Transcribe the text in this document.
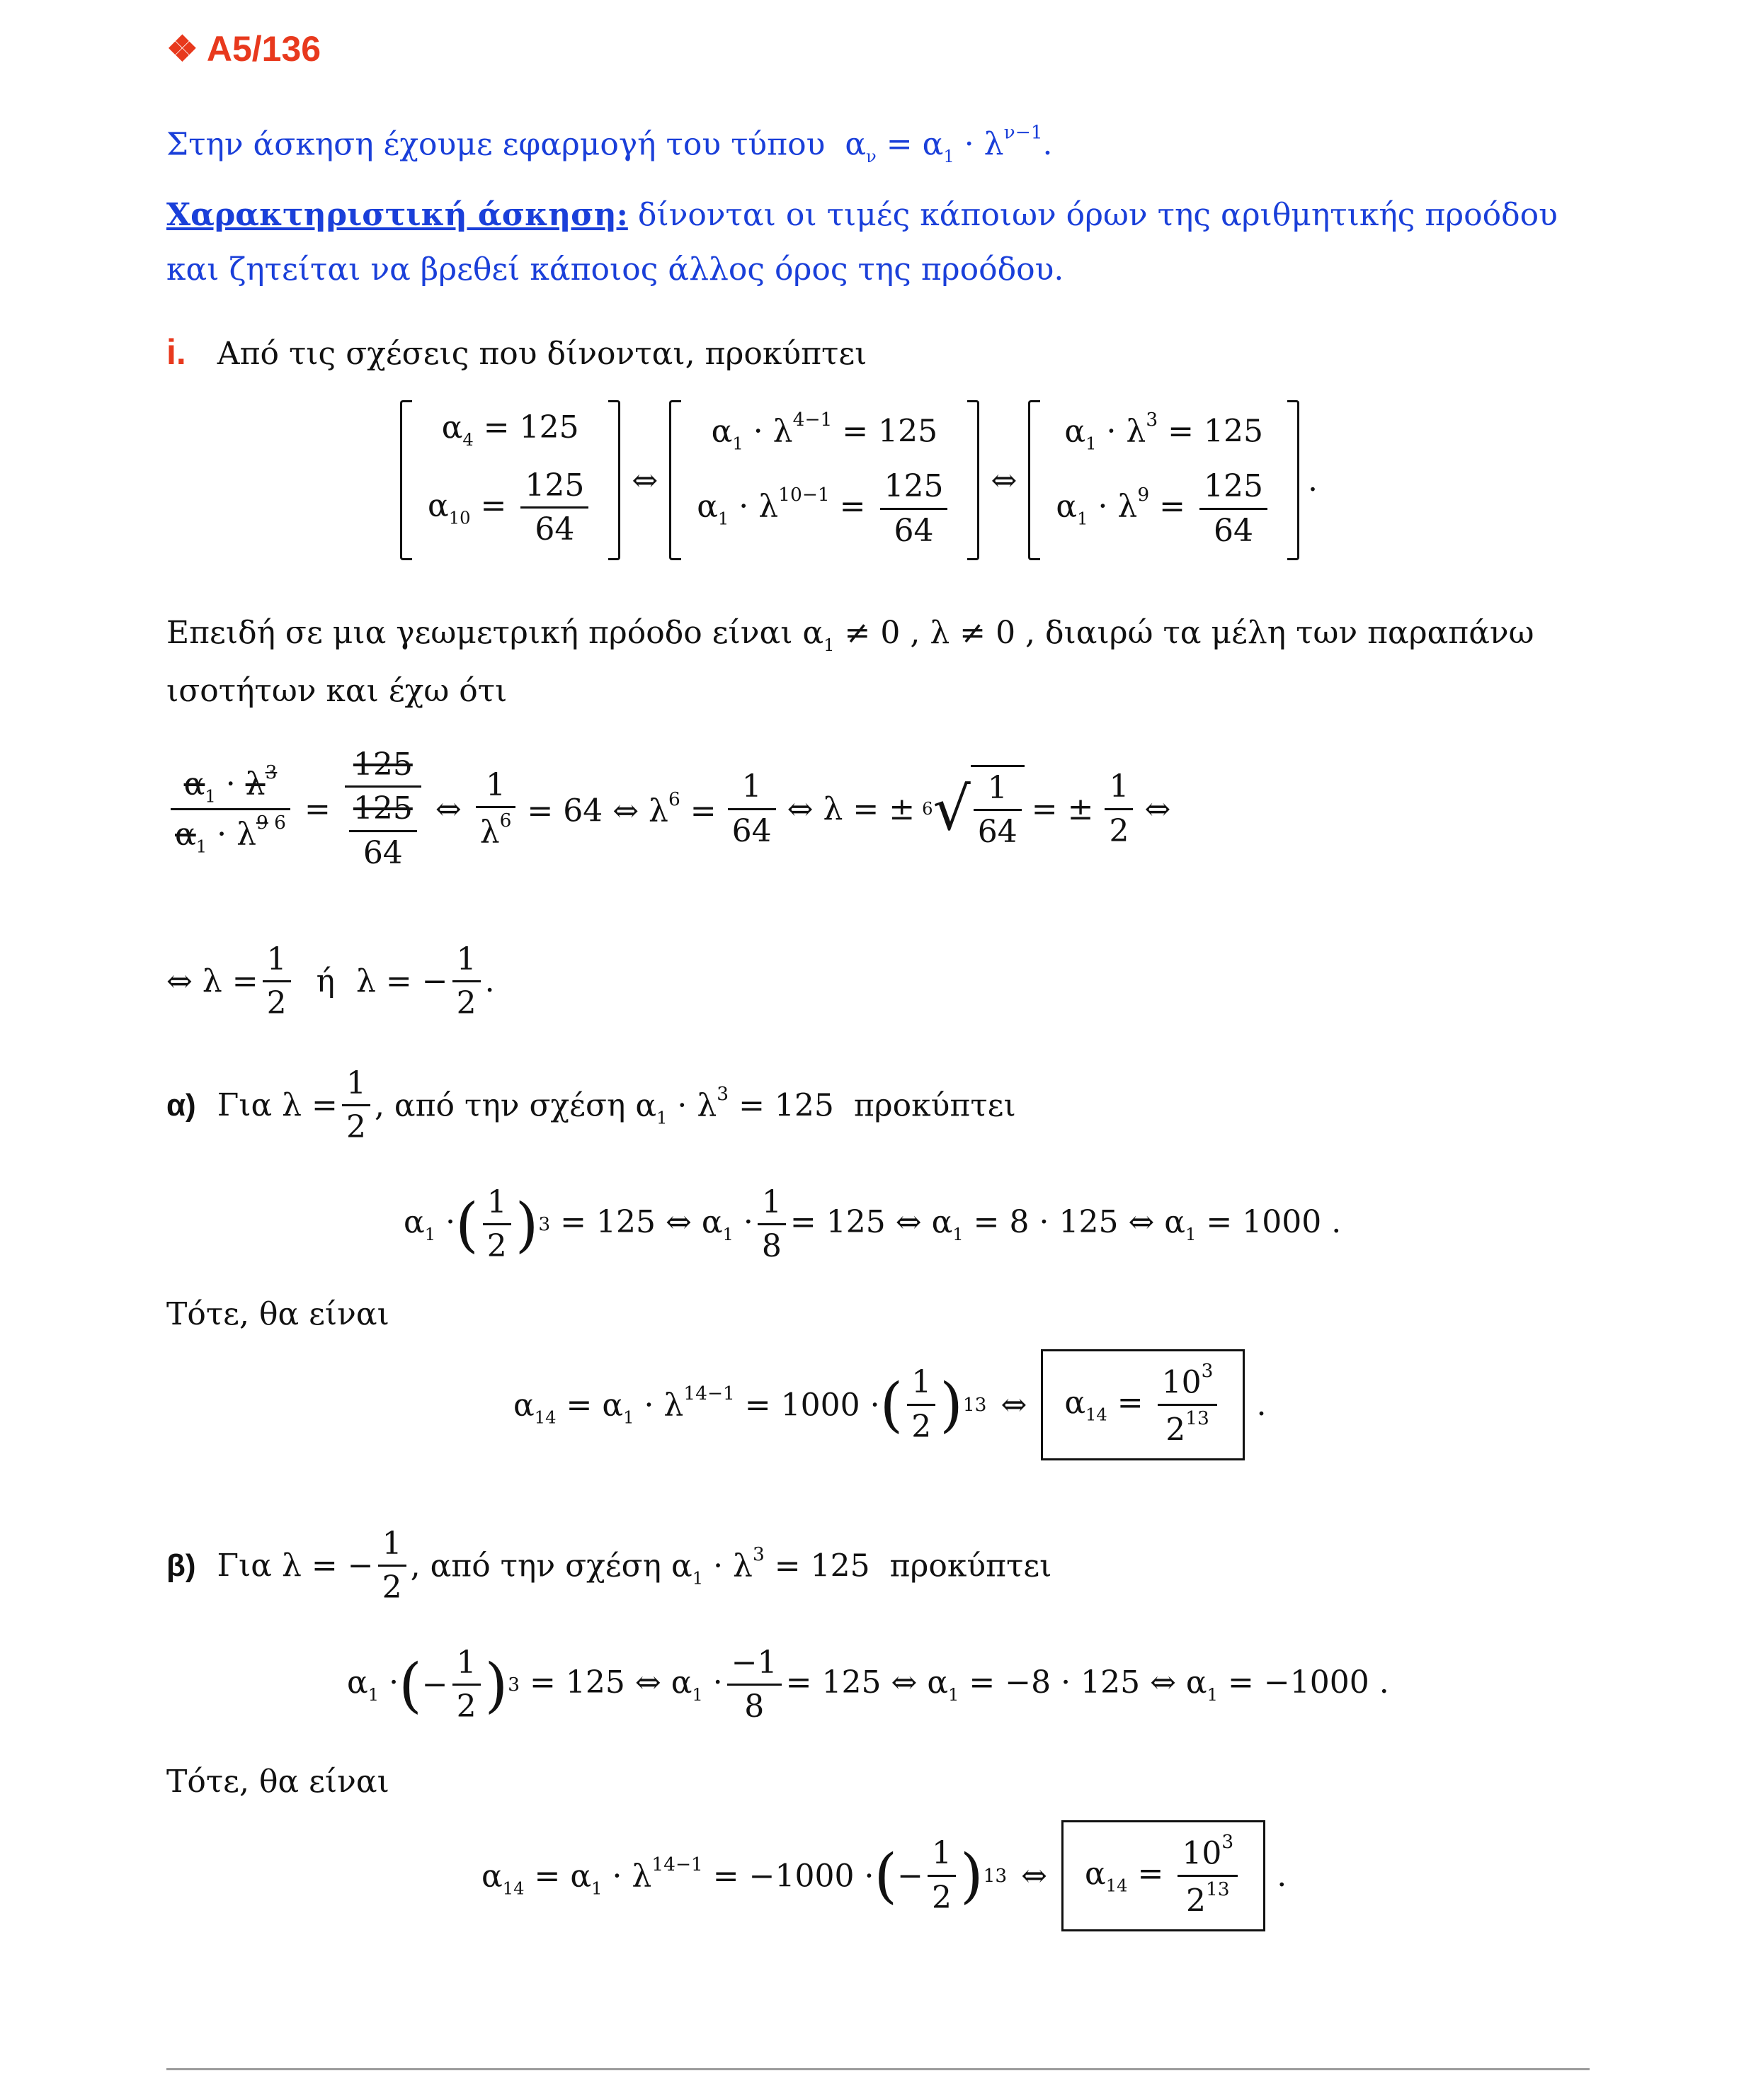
❖ A5/136
Στην άσκηση έχουμε εφαρμογή του τύπου  $\alpha_\nu = \alpha_1 \cdot \lambda^{\nu-1}$.
Χαρακτηριστική άσκηση: δίνονται οι τιμές κάποιων όρων της αριθμητικής προόδου
και ζητείται να βρεθεί κάποιος άλλος όρος της προόδου.
i. Από τις σχέσεις που δίνονται, προκύπτει
$\alpha_4 = 125$
$\alpha_{10} = \frac{125}{64}$ ⇔
$\alpha_1 \cdot \lambda^{4-1} = 125$
$\alpha_1 \cdot \lambda^{10-1} = \frac{125}{64}$ ⇔
$\alpha_1 \cdot \lambda^3 = 125$
$\alpha_1 \cdot \lambda^9 = \frac{125}{64}$ .
Επειδή σε μια γεωμετρική πρόοδο είναι $\alpha_1 \ne 0$ , λ ≠ 0 , διαιρώ τα μέλη των παραπάνω
ισοτήτων και έχω ότι
$\frac{\alpha_1 \cdot \lambda^3}{\alpha_1 \cdot \lambda^{9 6}} = \frac{125}{\frac{125}{64}}$ ⇔ $\frac{1}{\lambda^6} = 64$ ⇔ $\lambda^6 = \frac{1}{64}$ ⇔ λ = ± 6 √ $\frac{1}{64}$ = ± $\frac{1}{2}$ ⇔
⇔ $\lambda = \frac{1}{2}$ ή λ = − $\frac{1}{2}$ .
α) Για $\lambda = \frac{1}{2}$ , από την σχέση $\alpha_1 \cdot \lambda^3 = 125$  προκύπτει
$\alpha_1$ · ( $\frac{1}{2}$ ) 3 = 125 ⇔ $\alpha_1 \cdot \frac{1}{8} = 125$ ⇔ $\alpha_1 = 8 \cdot 125$ ⇔ $\alpha_1 = 1000$ .
Τότε, θα είναι
$\alpha_{14} = \alpha_1 \cdot \lambda^{14-1} = 1000$ · ( $\frac{1}{2}$ ) 13 ⇔	$\alpha_{14} = \frac{10^3}{2^{13}}$ .
β) Για λ = − $\frac{1}{2}$ , από την σχέση $\alpha_1 \cdot \lambda^3 = 125$  προκύπτει
$\alpha_1$ · ( − $\frac{1}{2}$ ) 3 = 125 ⇔ $\alpha_1 \cdot \frac{-1}{8} = 125$ ⇔ $\alpha_1 = -8 \cdot 125$ ⇔ $\alpha_1 = -1000$ .
Τότε, θα είναι
$\alpha_{14} = \alpha_1 \cdot \lambda^{14-1} = -1000$ · ( − $\frac{1}{2}$ ) 13 ⇔	$\alpha_{14} = \frac{10^3}{2^{13}}$ .
